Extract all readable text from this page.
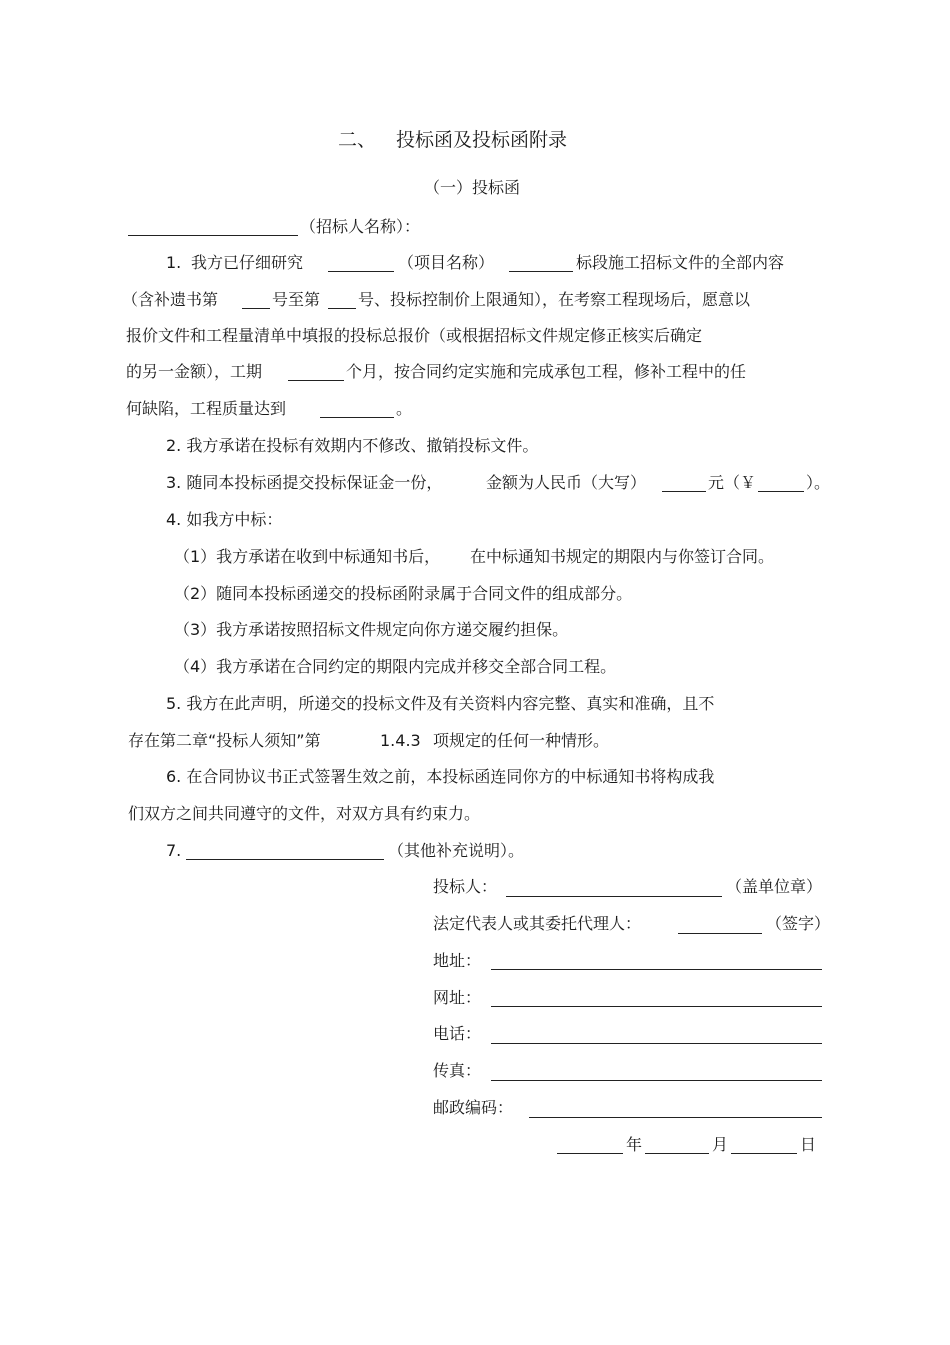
二、 投标函及投标函附录
（一）投标函
（招标人名称）：
1. 我方已仔细研究	（项目名称）	标段施工招标文件的全部内容
（含补遗书第	号至第 号、投标控制价上限通知），在考察工程现场后，愿意以
报价文件和工程量清单中填报的投标总报价（或根据招标文件规定修正核实后确定
的另一金额），工期	个月，按合同约定实施和完成承包工程，修补工程中的任
何缺陷，工程质量达到	。
2. 我方承诺在投标有效期内不修改、撤销投标文件。
3. 随同本投标函提交投标保证金一份，	金额为人民币（大写）	元（￥	）。
4. 如我方中标：
（1）我方承诺在收到中标通知书后， 在中标通知书规定的期限内与你签订合同。
（2）随同本投标函递交的投标函附录属于合同文件的组成部分。
（3）我方承诺按照招标文件规定向你方递交履约担保。
（4）我方承诺在合同约定的期限内完成并移交全部合同工程。
5. 我方在此声明，所递交的投标文件及有关资料内容完整、真实和准确，且不
存在第二章“投标人须知”第	1.4.3 项规定的任何一种情形。
6. 在合同协议书正式签署生效之前，本投标函连同你方的中标通知书将构成我
们双方之间共同遵守的文件，对双方具有约束力。
7.	（其他补充说明）。
投标人：	（盖单位章）
法定代表人或其委托代理人：	（签字）
地址：
网址：
电话：
传真：
邮政编码：
年	月	日
